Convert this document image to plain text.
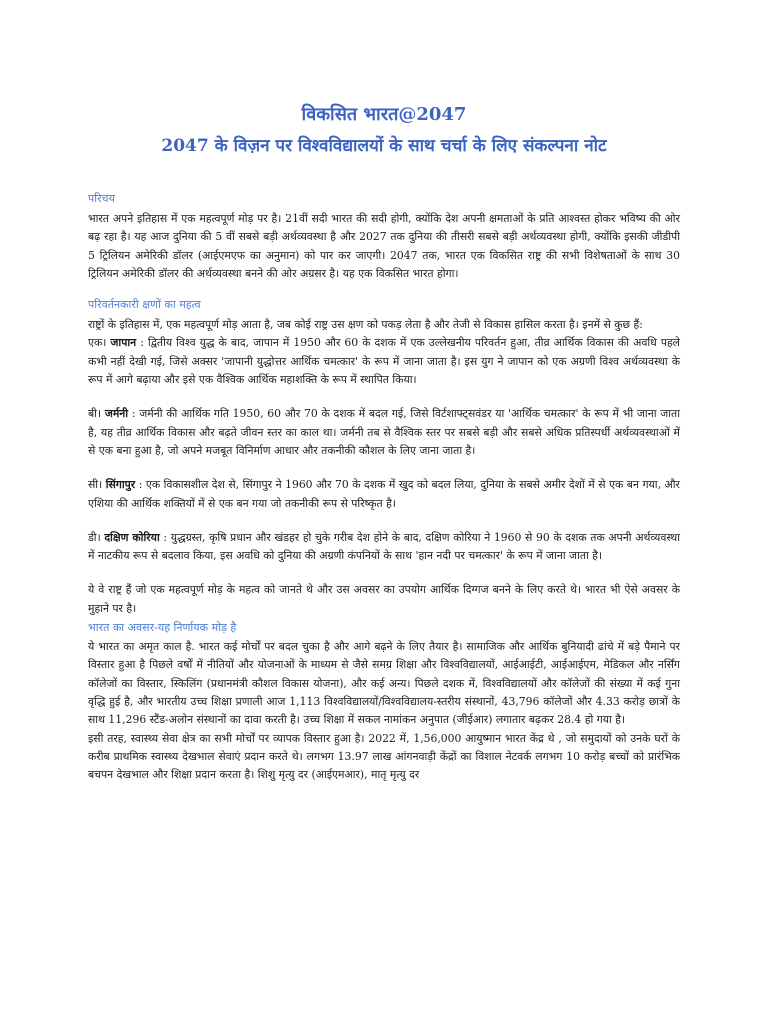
विकसित भारत@2047
2047 के विज़न पर विश्वविद्यालयों के साथ चर्चा के लिए संकल्पना नोट

परिचय

भारत अपने इतिहास में एक महत्वपूर्ण मोड़ पर है। 21वीं सदी भारत की सदी होगी, क्योंकि देश अपनी क्षमताओं के प्रति आश्वस्त होकर भविष्य की ओर बढ़ रहा है। यह आज दुनिया की 5 वीं सबसे बड़ी अर्थव्यवस्था है और 2027 तक दुनिया की तीसरी सबसे बड़ी अर्थव्यवस्था होगी, क्योंकि इसकी जीडीपी 5 ट्रिलियन अमेरिकी डॉलर (आईएमएफ का अनुमान) को पार कर जाएगी। 2047 तक, भारत एक विकसित राष्ट्र की सभी विशेषताओं के साथ 30 ट्रिलियन अमेरिकी डॉलर की अर्थव्यवस्था बनने की ओर अग्रसर है। यह एक विकसित भारत होगा।

परिवर्तनकारी क्षणों का महत्व

राष्ट्रों के इतिहास में, एक महत्वपूर्ण मोड़ आता है, जब कोई राष्ट्र उस क्षण को पकड़ लेता है और तेजी से विकास हासिल करता है। इनमें से कुछ हैं:

एक। जापान : द्वितीय विश्व युद्ध के बाद, जापान में 1950 और 60 के दशक में एक उल्लेखनीय परिवर्तन हुआ, तीव्र आर्थिक विकास की अवधि पहले कभी नहीं देखी गई, जिसे अक्सर 'जापानी युद्धोत्तर आर्थिक चमत्कार' के रूप में जाना जाता है। इस युग ने जापान को एक अग्रणी विश्व अर्थव्यवस्था के रूप में आगे बढ़ाया और इसे एक वैश्विक आर्थिक महाशक्ति के रूप में स्थापित किया।

बी। जर्मनी : जर्मनी की आर्थिक गति 1950, 60 और 70 के दशक में बदल गई, जिसे विर्टशाफ्ट्सवंडर या 'आर्थिक चमत्कार' के रूप में भी जाना जाता है, यह तीव्र आर्थिक विकास और बढ़ते जीवन स्तर का काल था। जर्मनी तब से वैश्विक स्तर पर सबसे बड़ी और सबसे अधिक प्रतिस्पर्धी अर्थव्यवस्थाओं में से एक बना हुआ है, जो अपने मजबूत विनिर्माण आधार और तकनीकी कौशल के लिए जाना जाता है।

सी। सिंगापुर : एक विकासशील देश से, सिंगापुर ने 1960 और 70 के दशक में खुद को बदल लिया, दुनिया के सबसे अमीर देशों में से एक बन गया, और एशिया की आर्थिक शक्तियों में से एक बन गया जो तकनीकी रूप से परिष्कृत है।

डी। दक्षिण कोरिया : युद्धग्रस्त, कृषि प्रधान और खंडहर हो चुके गरीब देश होने के बाद, दक्षिण कोरिया ने 1960 से 90 के दशक तक अपनी अर्थव्यवस्था में नाटकीय रूप से बदलाव किया, इस अवधि को दुनिया की अग्रणी कंपनियों के साथ 'हान नदी पर चमत्कार' के रूप में जाना जाता है।

ये वे राष्ट्र हैं जो एक महत्वपूर्ण मोड़ के महत्व को जानते थे और उस अवसर का उपयोग आर्थिक दिग्गज बनने के लिए करते थे। भारत भी ऐसे अवसर के मुहाने पर है।

भारत का अवसर-यह निर्णायक मोड़ है

ये भारत का अमृत काल है. भारत कई मोर्चों पर बदल चुका है और आगे बढ़ने के लिए तैयार है। सामाजिक और आर्थिक बुनियादी ढांचे में बड़े पैमाने पर विस्तार हुआ है पिछले वर्षों में नीतियों और योजनाओं के माध्यम से जैसे समग्र शिक्षा और विश्वविद्यालयों, आईआईटी, आईआईएम, मेडिकल और नर्सिंग कॉलेजों का विस्तार, स्किलिंग (प्रधानमंत्री कौशल विकास योजना), और कई अन्य। पिछले दशक में, विश्वविद्यालयों और कॉलेजों की संख्या में कई गुना वृद्धि हुई है, और भारतीय उच्च शिक्षा प्रणाली आज 1,113 विश्वविद्यालयों/विश्वविद्यालय-स्तरीय संस्थानों, 43,796 कॉलेजों और 4.33 करोड़ छात्रों के साथ 11,296 स्टैंड-अलोन संस्थानों का दावा करती है। उच्च शिक्षा में सकल नामांकन अनुपात (जीईआर) लगातार बढ़कर 28.4 हो गया है।

इसी तरह, स्वास्थ्य सेवा क्षेत्र का सभी मोर्चों पर व्यापक विस्तार हुआ है। 2022 में, 1,56,000 आयुष्मान भारत केंद्र थे , जो समुदायों को उनके घरों के करीब प्राथमिक स्वास्थ्य देखभाल सेवाएं प्रदान करते थे। लगभग 13.97 लाख आंगनवाड़ी केंद्रों का विशाल नेटवर्क लगभग 10 करोड़ बच्चों को प्रारंभिक बचपन देखभाल और शिक्षा प्रदान करता है। शिशु मृत्यु दर (आईएमआर), मातृ मृत्यु दर
